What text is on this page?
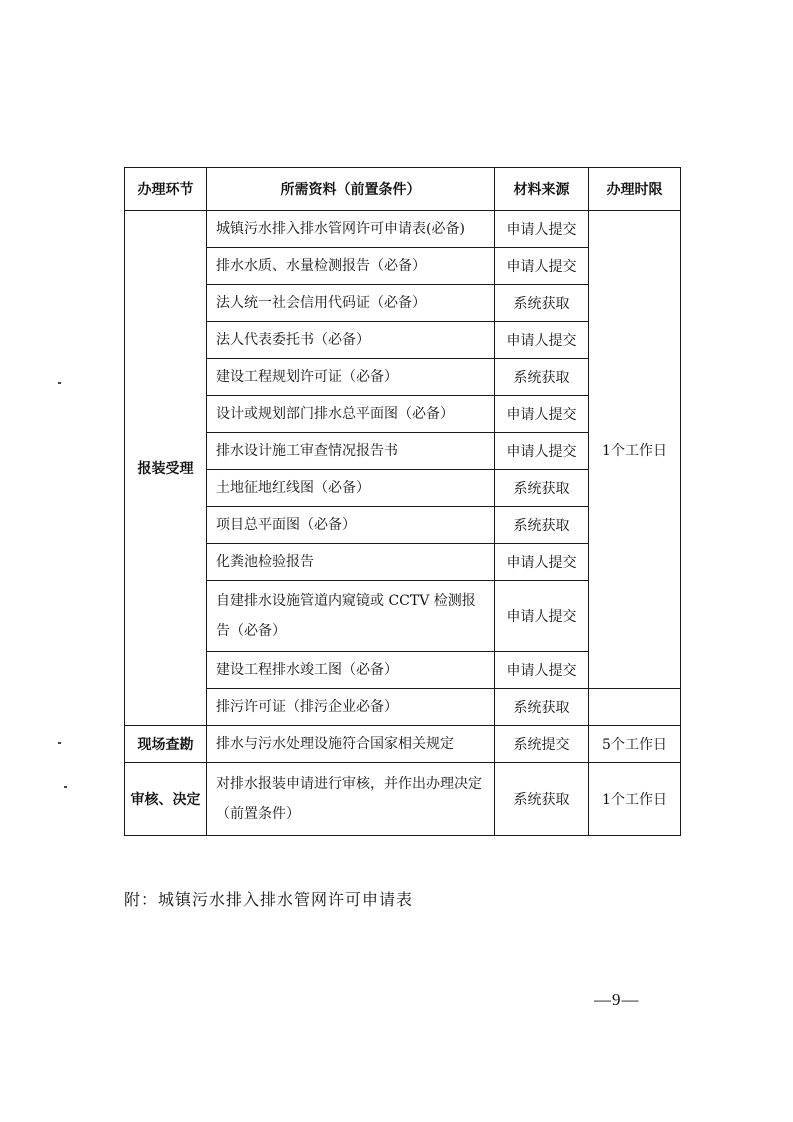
办理环节	所需资料（前置条件）	材料来源	办理时限
报装受理	城镇污水排入排水管网许可申请表(必备)	申请人提交	1个工作日
	排水水质、水量检测报告（必备）	申请人提交	
	法人统一社会信用代码证（必备）	系统获取	
	法人代表委托书（必备）	申请人提交	
	建设工程规划许可证（必备）	系统获取	
	设计或规划部门排水总平面图（必备）	申请人提交	
	排水设计施工审查情况报告书	申请人提交	
	土地征地红线图（必备）	系统获取	
	项目总平面图（必备）	系统获取	
	化粪池检验报告	申请人提交	
	自建排水设施管道内窥镜或 CCTV 检测报告（必备）	申请人提交	
	建设工程排水竣工图（必备）	申请人提交	
	排污许可证（排污企业必备）	系统获取	
现场查勘	排水与污水处理设施符合国家相关规定	系统提交	5个工作日
审核、决定	对排水报装申请进行审核，并作出办理决定（前置条件）	系统获取	1个工作日
附：城镇污水排入排水管网许可申请表
—9—
